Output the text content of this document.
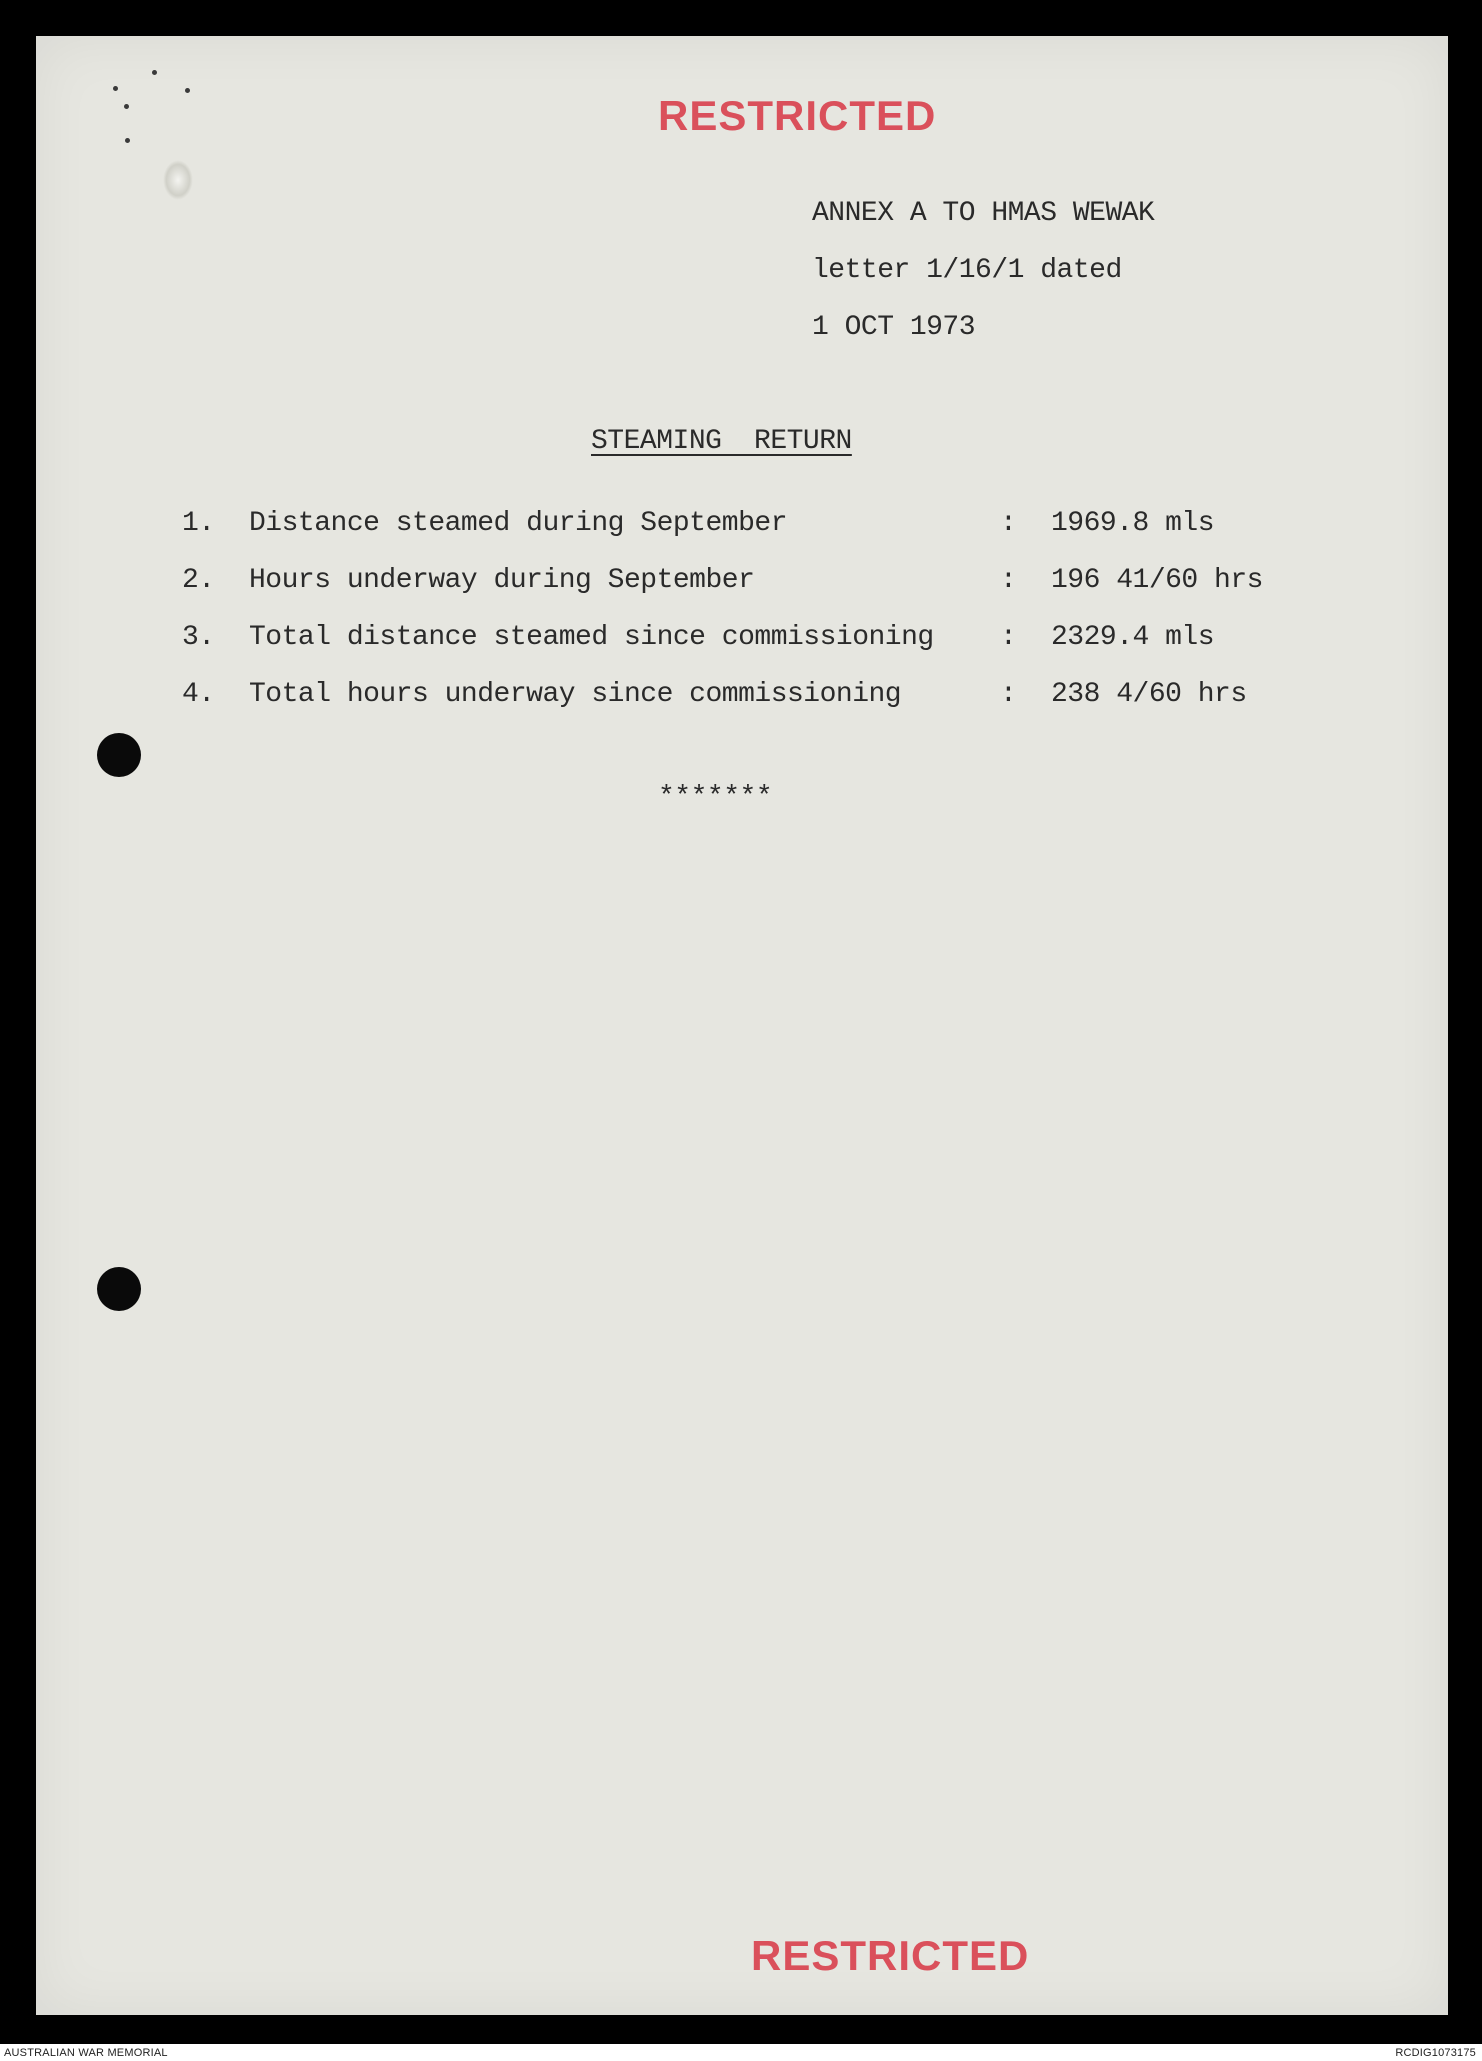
RESTRICTED
ANNEX A TO HMAS WEWAK
letter 1/16/1 dated
1 OCT 1973
STEAMING  RETURN
1. Distance steamed during September	: 1969.8 mls
2. Hours underway during September	: 196 41/60 hrs
3. Total distance steamed since commissioning : 2329.4 mls
4. Total hours underway since commissioning	: 238 4/60 hrs
*******
RESTRICTED
AUSTRALIAN WAR MEMORIAL	RCDIG1073175
